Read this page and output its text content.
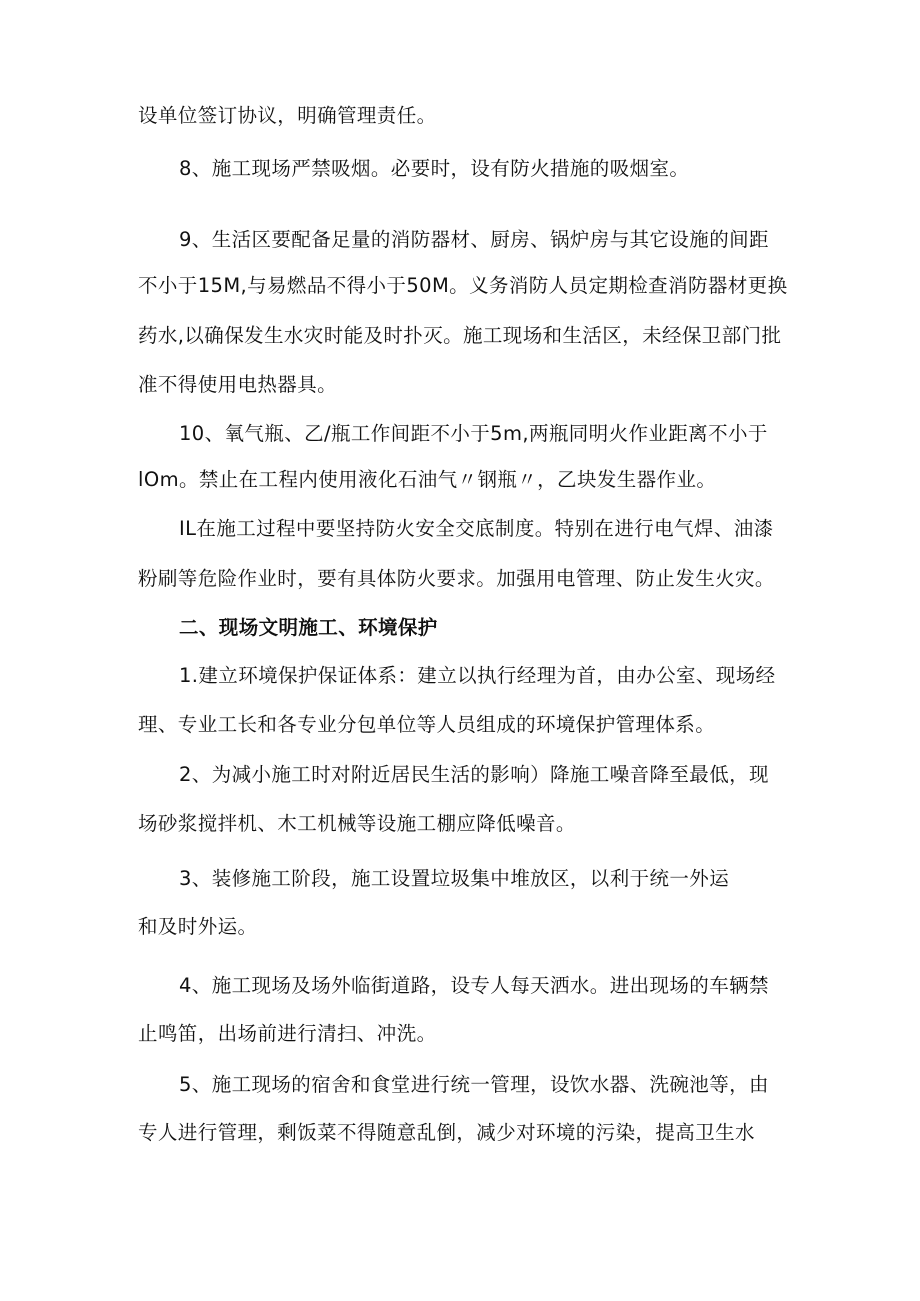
设单位签订协议，明确管理责任。
8、施工现场严禁吸烟。必要时，设有防火措施的吸烟室。
9、生活区要配备足量的消防器材、厨房、锅炉房与其它设施的间距
不小于15M,与易燃品不得小于50M。义务消防人员定期检查消防器材更换
药水,以确保发生水灾时能及时扑灭。施工现场和生活区，未经保卫部门批
准不得使用电热器具。
10、氧气瓶、乙/瓶工作间距不小于5m,两瓶同明火作业距离不小于
lOm。禁止在工程内使用液化石油气〃钢瓶〃，乙块发生器作业。
IL在施工过程中要坚持防火安全交底制度。特别在进行电气焊、油漆
粉刷等危险作业时，要有具体防火要求。加强用电管理、防止发生火灾。
二、现场文明施工、环境保护
1.建立环境保护保证体系：建立以执行经理为首，由办公室、现场经
理、专业工长和各专业分包单位等人员组成的环境保护管理体系。
2、为减小施工时对附近居民生活的影响）降施工噪音降至最低，现
场砂浆搅拌机、木工机械等设施工棚应降低噪音。
3、装修施工阶段，施工设置垃圾集中堆放区，以利于统一外运
和及时外运。
4、施工现场及场外临街道路，设专人每天洒水。进出现场的车辆禁
止鸣笛，出场前进行清扫、冲洗。
5、施工现场的宿舍和食堂进行统一管理，设饮水器、洗碗池等，由
专人进行管理，剩饭菜不得随意乱倒，减少对环境的污染，提高卫生水
